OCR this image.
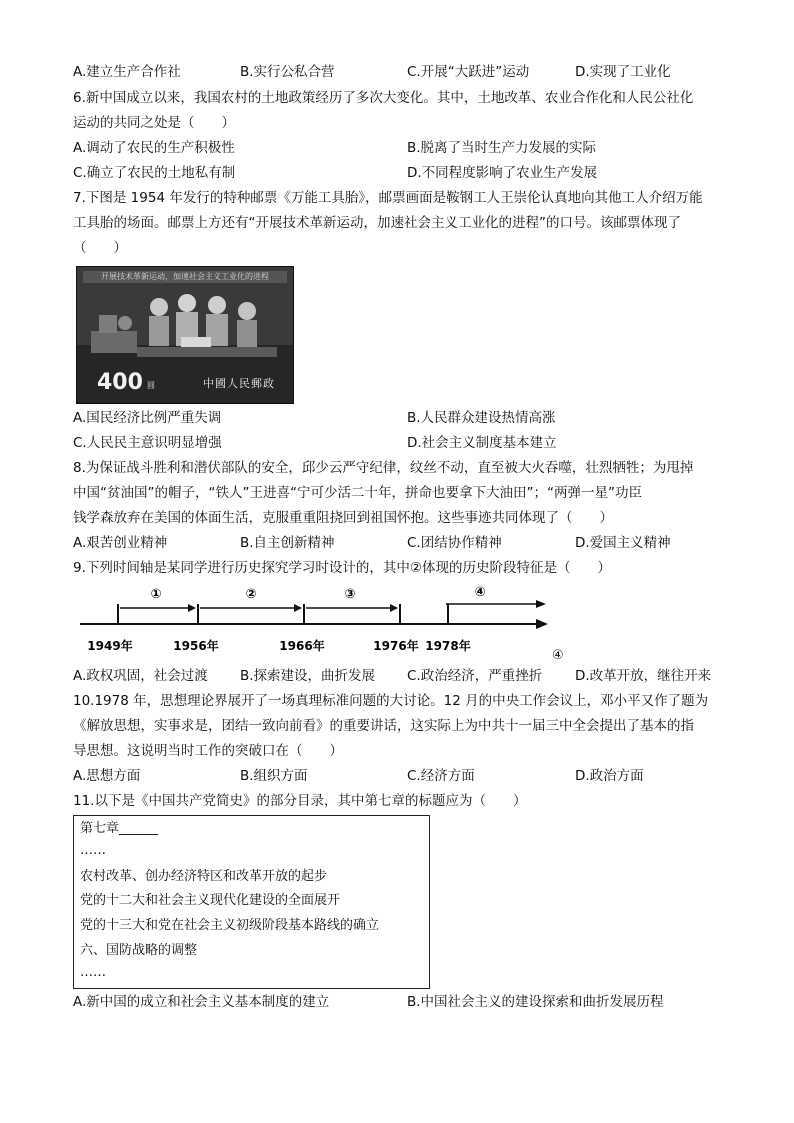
A.建立生产合作社	B.实行公私合营	C.开展“大跃进”运动	D.实现了工业化
6.新中国成立以来，我国农村的土地政策经历了多次大变化。其中，土地改革、农业合作化和人民公社化
运动的共同之处是（　　）
A.调动了农民的生产积极性	B.脱离了当时生产力发展的实际
C.确立了农民的土地私有制	D.不同程度影响了农业生产发展
7.下图是 1954 年发行的特种邮票《万能工具胎》，邮票画面是鞍钢工人王崇伦认真地向其他工人介绍万能
工具胎的场面。邮票上方还有“开展技术革新运动，加速社会主义工业化的进程”的口号。该邮票体现了
（　　）
开展技术革新运动，加速社会主义工业化的进程
400 圆	中國人民郵政
A.国民经济比例严重失调	B.人民群众建设热情高涨
C.人民民主意识明显增强	D.社会主义制度基本建立
8.为保证战斗胜利和潜伏部队的安全，邱少云严守纪律，纹丝不动，直至被大火吞噬，壮烈牺牲；为甩掉
中国“贫油国”的帽子，“铁人”王进喜“宁可少活二十年，拼命也要拿下大油田”；“两弹一星”功臣
钱学森放弃在美国的体面生活，克服重重阻挠回到祖国怀抱。这些事迹共同体现了（　　）
A.艰苦创业精神	B.自主创新精神	C.团结协作精神	D.爱国主义精神
9.下列时间轴是某同学进行历史探究学习时设计的，其中②体现的历史阶段特征是（　　）
①	②	③	④
1949年	1956年	1966年	1976年 1978年
④
A.政权巩固，社会过渡 B.探索建设，曲折发展 C.政治经济，严重挫折 D.改革开放，继往开来
10.1978 年，思想理论界展开了一场真理标准问题的大讨论。12 月的中央工作会议上，邓小平又作了题为
《解放思想，实事求是，团结一致向前看》的重要讲话，这实际上为中共十一届三中全会提出了基本的指
导思想。这说明当时工作的突破口在（　　）
A.思想方面	B.组织方面	C.经济方面	D.政治方面
11.以下是《中国共产党简史》的部分目录，其中第七章的标题应为（　　）
第七章______
……
农村改革、创办经济特区和改革开放的起步
党的十二大和社会主义现代化建设的全面展开
党的十三大和党在社会主义初级阶段基本路线的确立
六、国防战略的调整
……
A.新中国的成立和社会主义基本制度的建立	B.中国社会主义的建设探索和曲折发展历程
